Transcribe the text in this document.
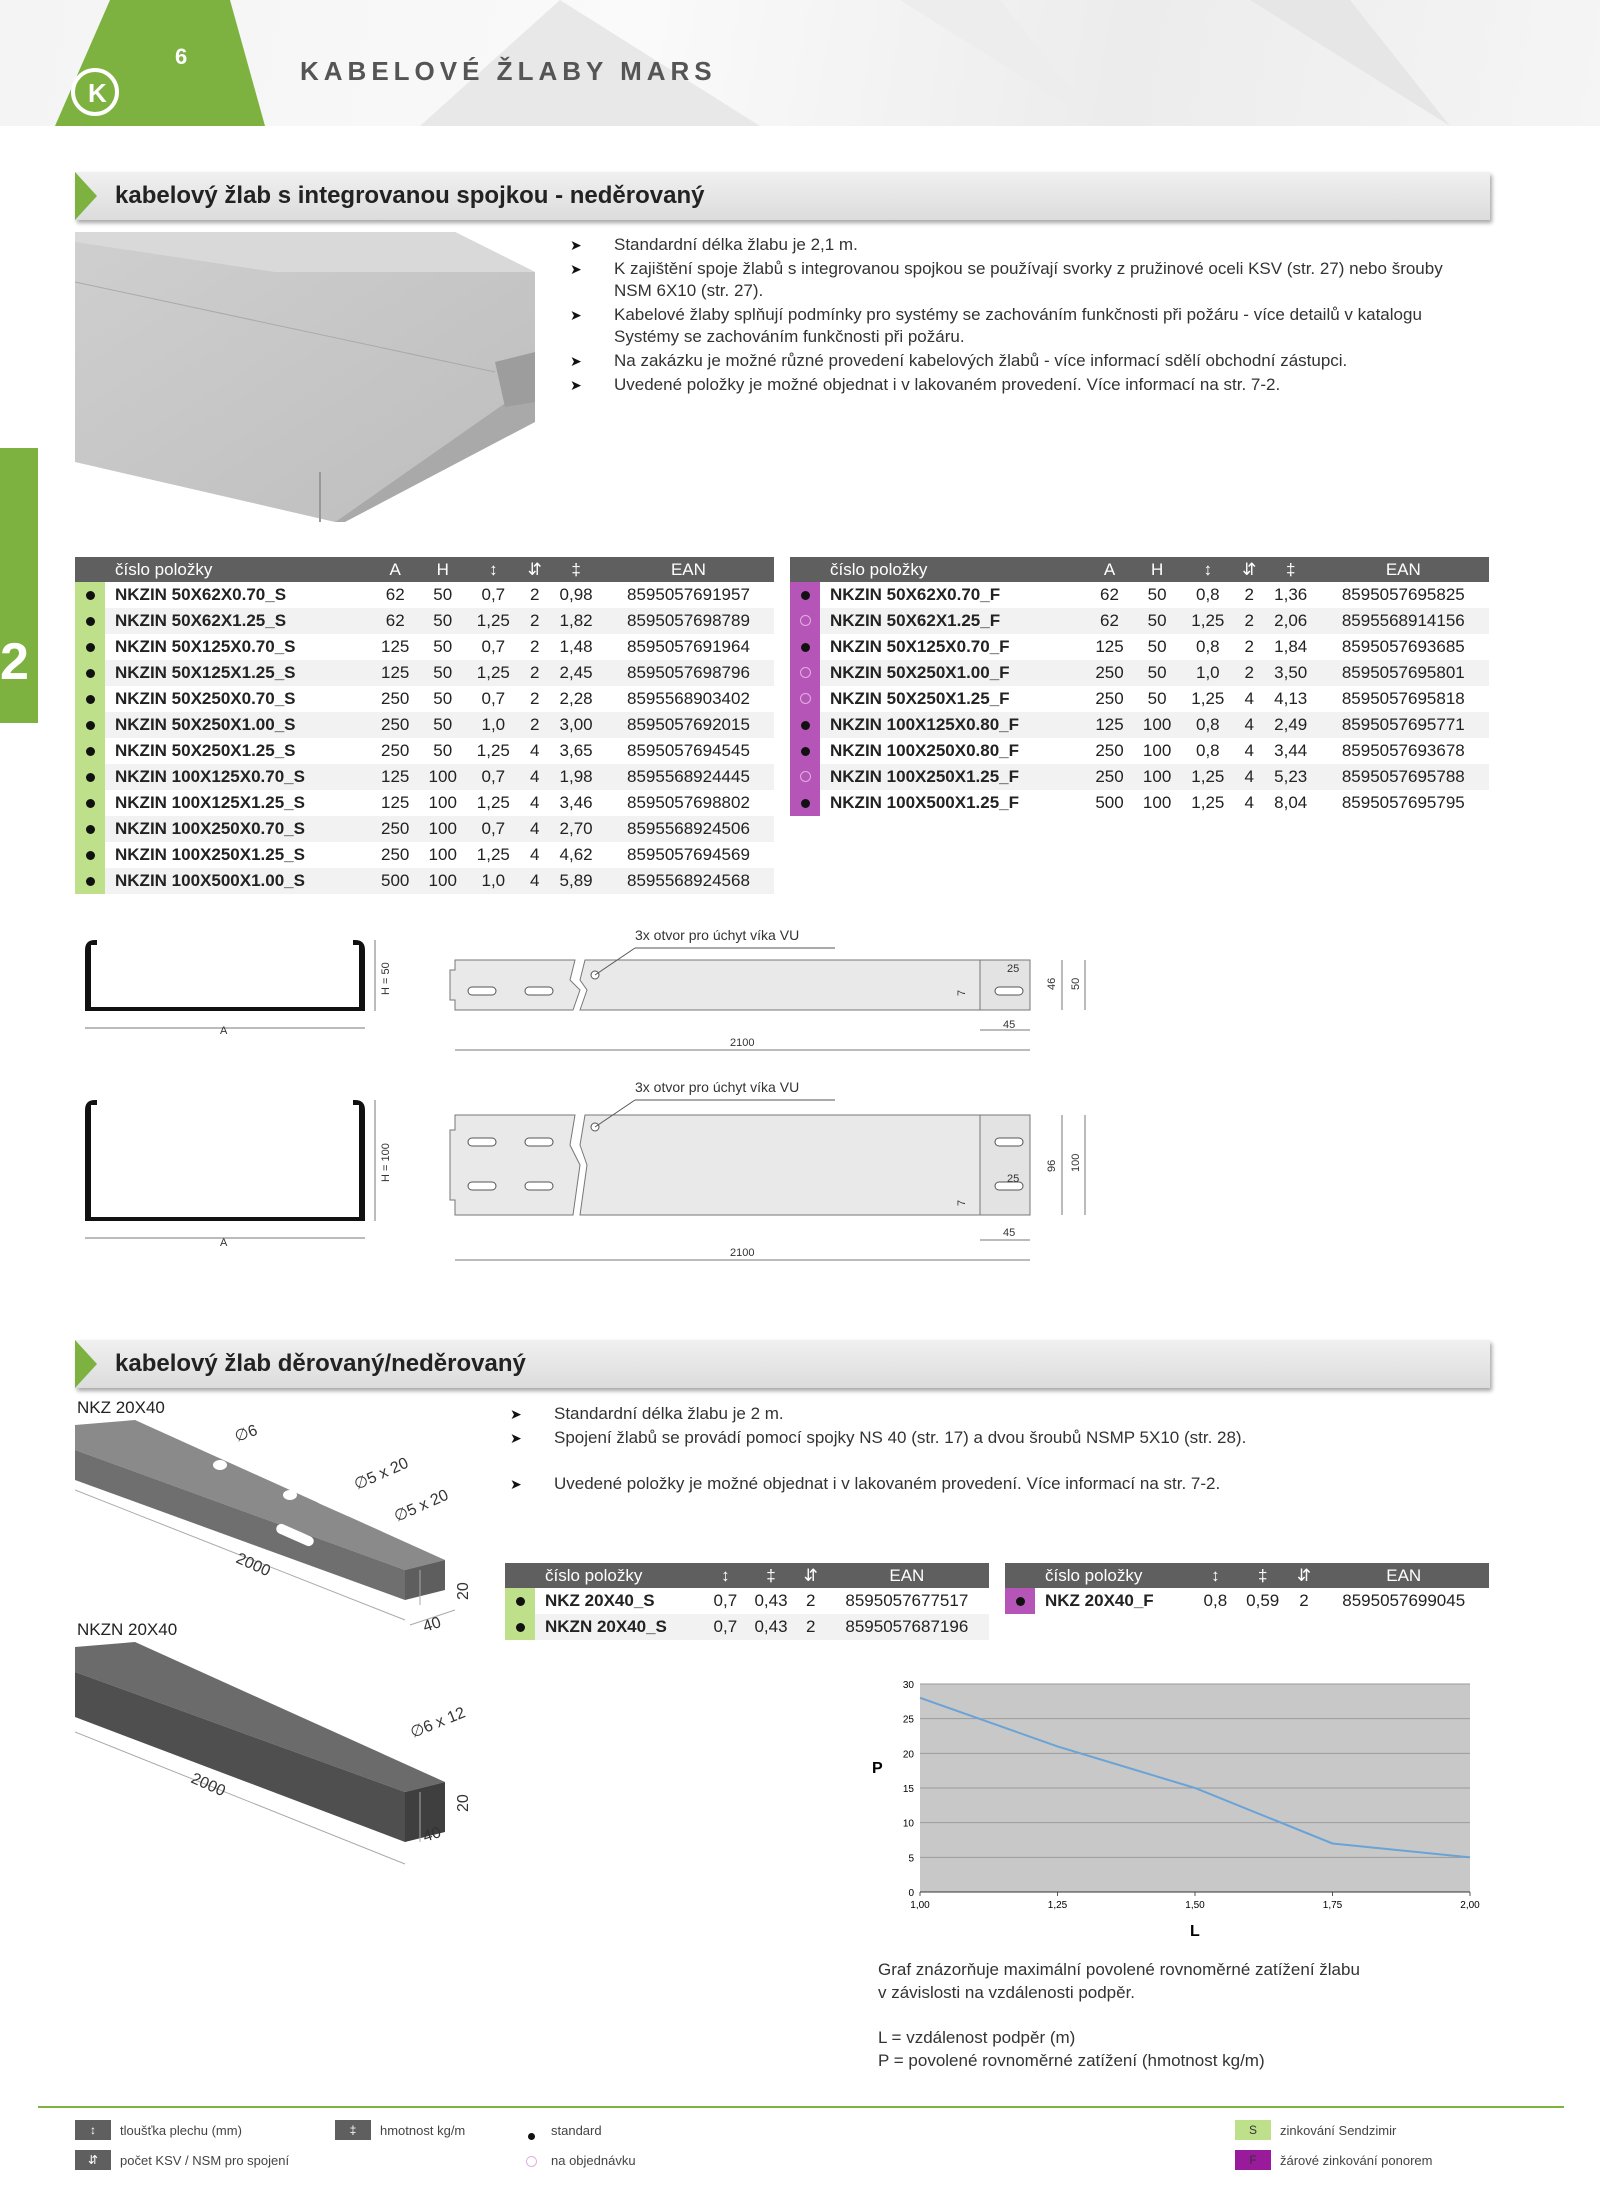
K
6	KABELOVÉ ŽLABY MARS
2
kabelový žlab s integrovanou spojkou - neděrovaný
➤ Standardní délka žlabu je 2,1 m.
➤ K zajištění spoje žlabů s integrovanou spojkou se používají svorky z pružinové oceli KSV (str. 27) nebo šrouby NSM 6X10 (str. 27).
➤ Kabelové žlaby splňují podmínky pro systémy se zachováním funkčnosti při požáru - více detailů v katalogu Systémy se zachováním funkčnosti při požáru.
➤ Na zakázku je možné různé provedení kabelových žlabů - více informací sdělí obchodní zástupci.
➤ Uvedené položky je možné objednat i v lakovaném provedení. Více informací na str. 7-2.
	číslo položky	A	H	↕	⇵	‡	EAN
	NKZIN 50X62X0.70_S	62	50	0,7	2	0,98	8595057691957
	NKZIN 50X62X1.25_S	62	50	1,25	2	1,82	8595057698789
	NKZIN 50X125X0.70_S	125	50	0,7	2	1,48	8595057691964
	NKZIN 50X125X1.25_S	125	50	1,25	2	2,45	8595057698796
	NKZIN 50X250X0.70_S	250	50	0,7	2	2,28	8595568903402
	NKZIN 50X250X1.00_S	250	50	1,0	2	3,00	8595057692015
	NKZIN 50X250X1.25_S	250	50	1,25	4	3,65	8595057694545
	NKZIN 100X125X0.70_S	125	100	0,7	4	1,98	8595568924445
	NKZIN 100X125X1.25_S	125	100	1,25	4	3,46	8595057698802
	NKZIN 100X250X0.70_S	250	100	0,7	4	2,70	8595568924506
	NKZIN 100X250X1.25_S	250	100	1,25	4	4,62	8595057694569
	NKZIN 100X500X1.00_S	500	100	1,0	4	5,89	8595568924568
	číslo položky	A	H	↕	⇵	‡	EAN
	NKZIN 50X62X0.70_F	62	50	0,8	2	1,36	8595057695825
	NKZIN 50X62X1.25_F	62	50	1,25	2	2,06	8595568914156
	NKZIN 50X125X0.70_F	125	50	0,8	2	1,84	8595057693685
	NKZIN 50X250X1.00_F	250	50	1,0	2	3,50	8595057695801
	NKZIN 50X250X1.25_F	250	50	1,25	4	4,13	8595057695818
	NKZIN 100X125X0.80_F	125	100	0,8	4	2,49	8595057695771
	NKZIN 100X250X0.80_F	250	100	0,8	4	3,44	8595057693678
	NKZIN 100X250X1.25_F	250	100	1,25	4	5,23	8595057695788
	NKZIN 100X500X1.25_F	500	100	1,25	4	8,04	8595057695795
A
H = 50
3x otvor pro úchyt víka VU
25
45
46 50
7
2100
A
H = 100
3x otvor pro úchyt víka VU
25
45
96 100
7
2100
kabelový žlab děrovaný/neděrovaný
NKZ 20X40
2000
40
20
∅6
∅5 x 20
∅5 x 20
NKZN 20X40
2000
40
20
∅6 x 12
➤ Standardní délka žlabu je 2 m.
➤ Spojení žlabů se provádí pomocí spojky NS 40 (str. 17) a dvou šroubů NSMP 5X10 (str. 28).
➤ Uvedené položky je možné objednat i v lakovaném provedení. Více informací na str. 7-2.
	číslo položky	↕	‡	⇵	EAN
	NKZ 20X40_S	0,7	0,43	2	8595057677517
	NKZN 20X40_S	0,7	0,43	2	8595057687196
	číslo položky	↕	‡	⇵	EAN
	NKZ 20X40_F	0,8	0,59	2	8595057699045
0
5
10
15
20
25
30
1,00	1,25	1,50	1,75	2,00
P
L
Graf znázorňuje maximální povolené rovnoměrné zatížení žlabu
v závislosti na vzdálenosti podpěr.
L = vzdálenost podpěr (m)
P = povolené rovnoměrné zatížení (hmotnost kg/m)
↕	tloušťka plechu (mm)
⇵	počet KSV / NSM pro spojení
‡	hmotnost kg/m	standard
na objednávku
S	zinkování Sendzimir
F	žárové zinkování ponorem
